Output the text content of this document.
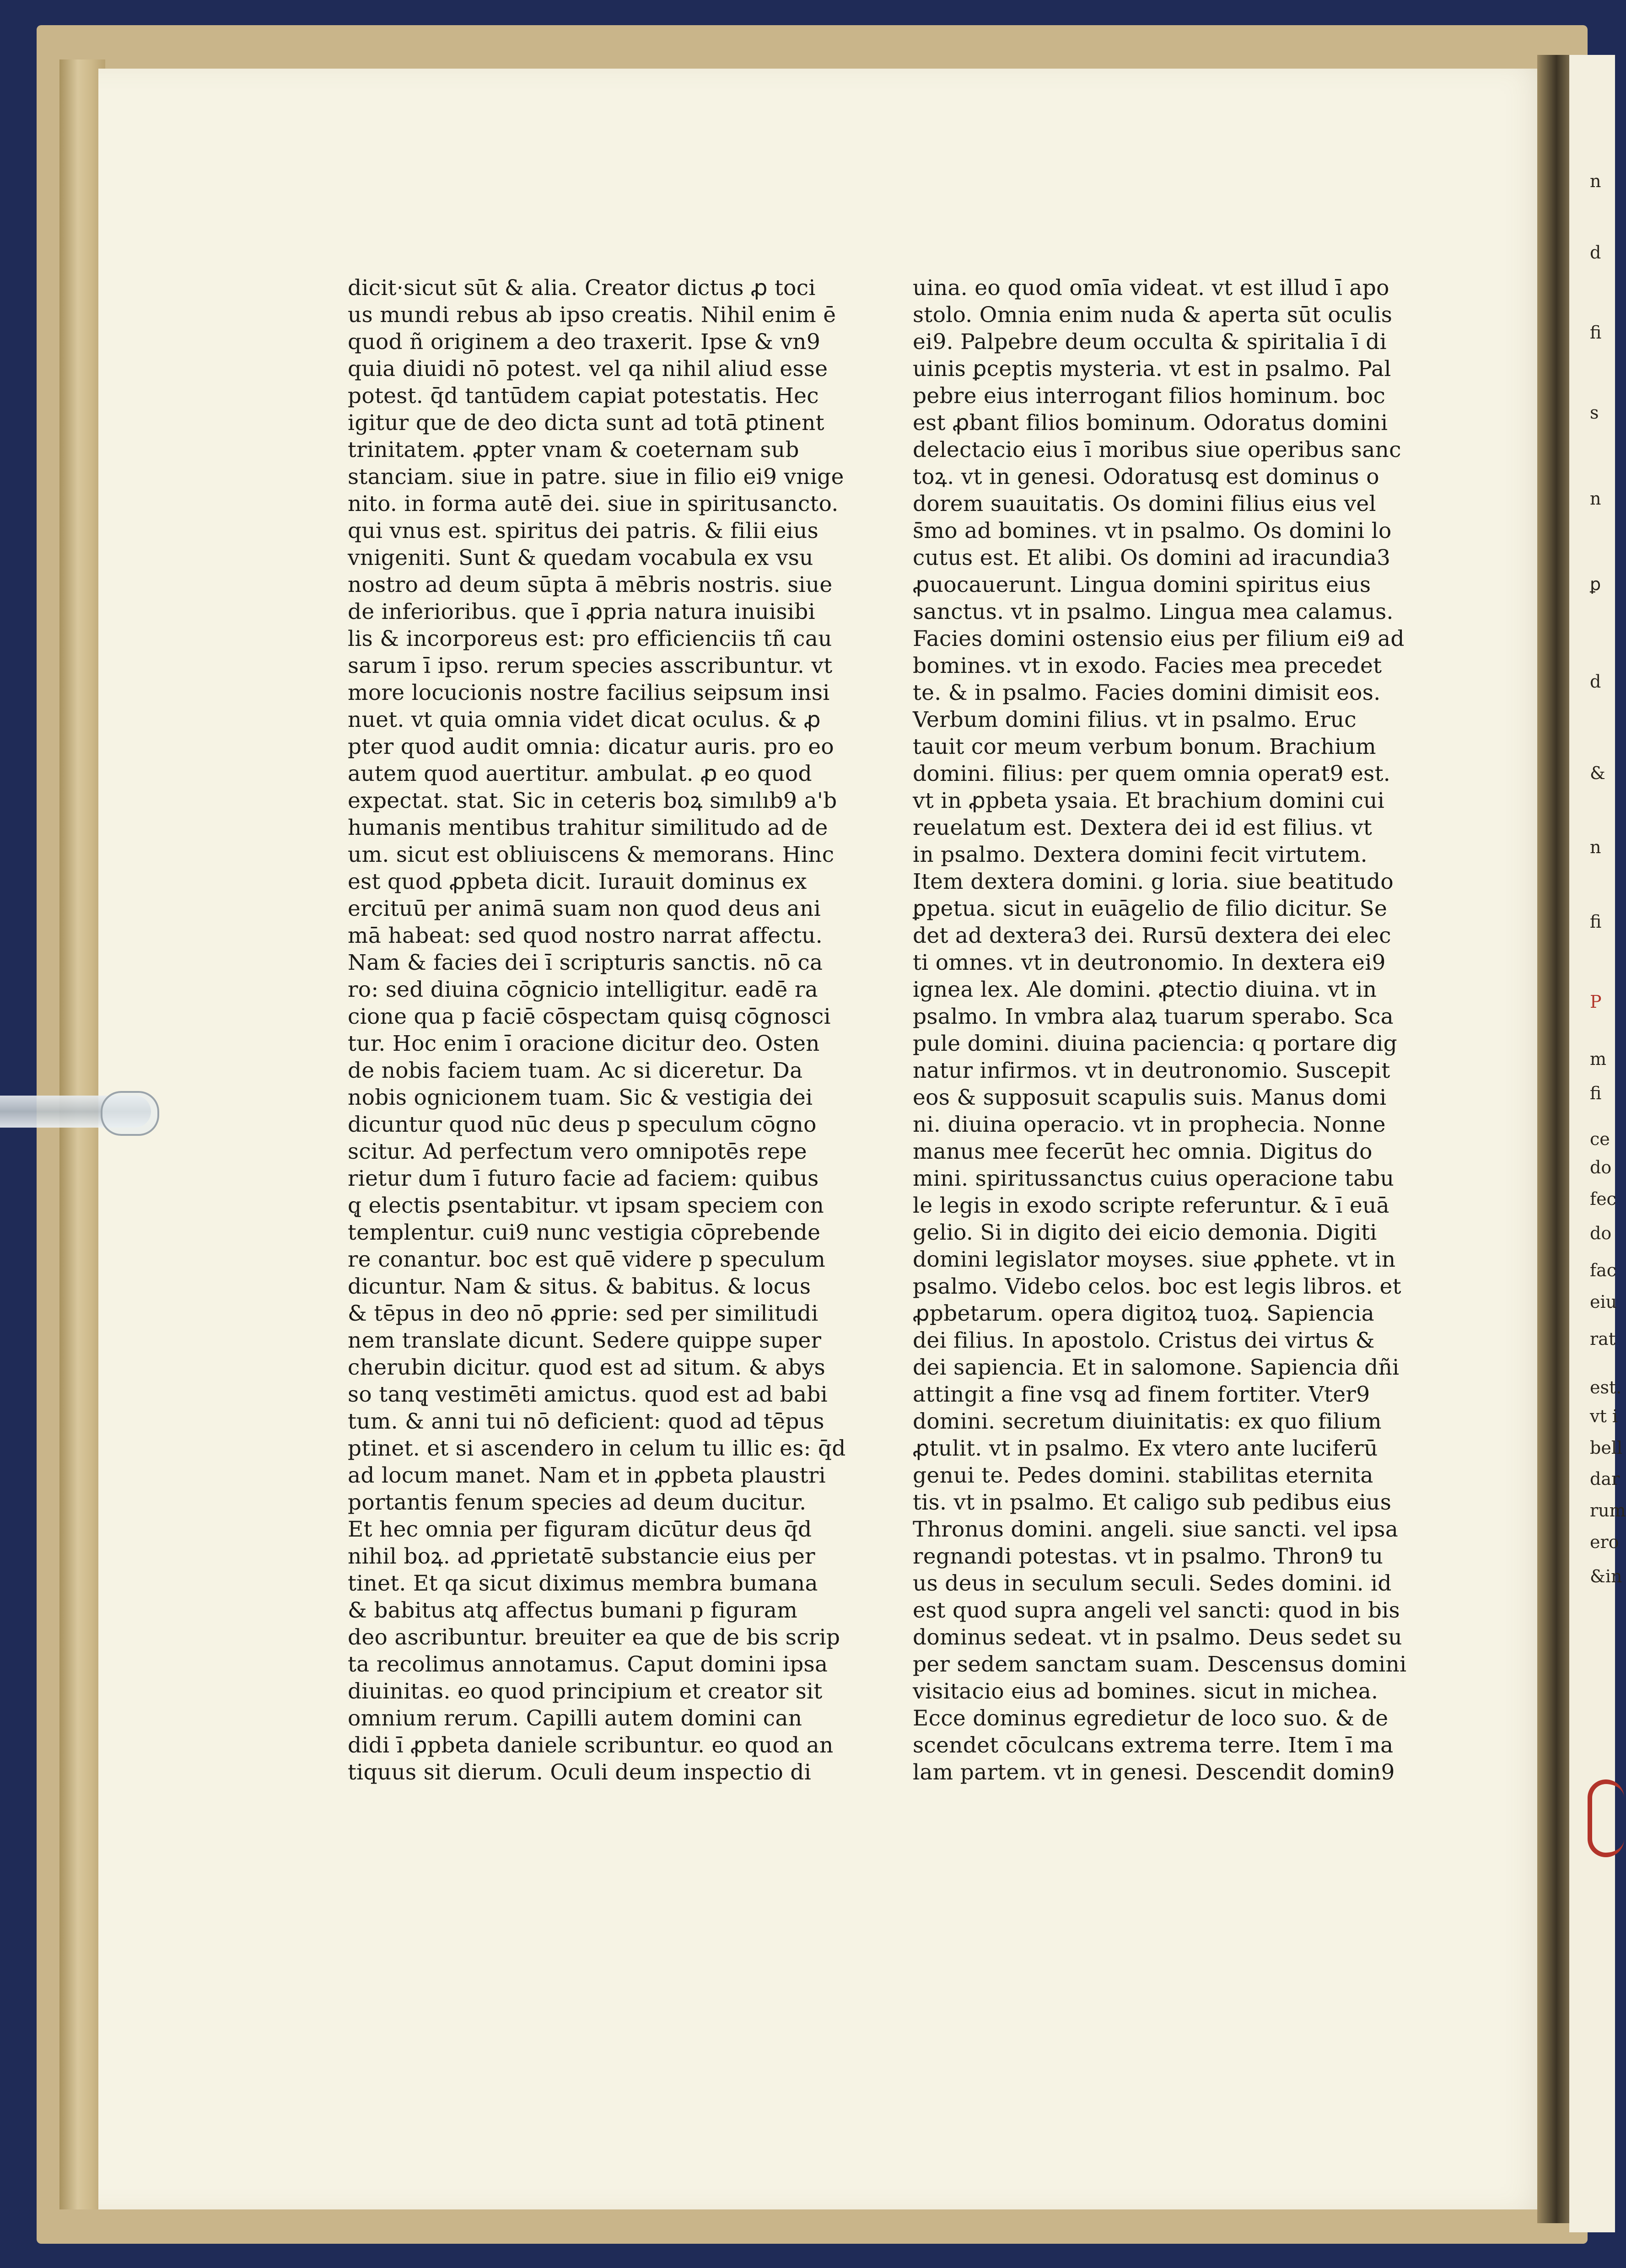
dicit·sicut sūt & alia. Creator dictus ꝓ toci
us mundi rebus ab ipso creatis. Nihil enim ē
quod ñ originem a deo traxerit. Ipse & vn9
quia diuidi nō potest. vel qa nihil aliud esse
potest. q̄d tantūdem capiat potestatis. Hec
igitur que de deo dicta sunt ad totā ꝑtinent
trinitatem. ꝓpter vnam & coeternam sub
stanciam. siue in patre. siue in filio ei9 vnige
nito. in forma autē dei. siue in spiritusancto.
qui vnus est. spiritus dei patris. & filii eius
vnigeniti. Sunt & quedam vocabula ex vsu
nostro ad deum sūpta ā mēbris nostris. siue
de inferioribus. que ī ꝓpria natura inuisibi
lis & incorporeus est: pro efficienciis tñ cau
sarum ī ipso. rerum species asscribuntur. vt
more locucionis nostre facilius seipsum insi
nuet. vt quia omnia videt dicat oculus. & ꝓ
pter quod audit omnia: dicatur auris. pro eo
autem quod auertitur. ambulat. ꝓ eo quod
expectat. stat. Sic in ceteris boꝝ simılıb9 a'b
humanis mentibus trahitur similitudo ad de
um. sicut est obliuiscens & memorans. Hinc
est quod ꝓpbeta dicit. Iurauit dominus ex
ercituū per animā suam non quod deus ani
mā habeat: sed quod nostro narrat affectu.
Nam & facies dei ī scripturis sanctis. nō ca
ro: sed diuina cōgnicio intelligitur. eadē ra
cione qua p faciē cōspectam quisq̨ cōgnosci
tur. Hoc enim ī oracione dicitur deo. Osten
de nobis faciem tuam. Ac si diceretur. Da
nobis ognicionem tuam. Sic & vestigia dei
dicuntur quod nūc deus p speculum cōgno
scitur. Ad perfectum vero omnipotēs repe
rietur dum ī futuro facie ad faciem: quibus
q̨ electis ꝑsentabitur. vt ipsam speciem con
templentur. cui9 nunc vestigia cōprebende
re conantur. boc est quē videre p speculum
dicuntur. Nam & situs. & babitus. & locus
& tēpus in deo nō ꝓprie: sed per similitudi
nem translate dicunt. Sedere quippe super
cherubin dicitur. quod est ad situm. & abys
so tanq̨ vestimēti amictus. quod est ad babi
tum. & anni tui nō deficient: quod ad tēpus
ptinet. et si ascendero in celum tu illic es: q̄d
ad locum manet. Nam et in ꝓpbeta plaustri
portantis fenum species ad deum ducitur.
Et hec omnia per figuram dicūtur deus q̄d
nihil boꝝ. ad ꝓprietatē substancie eius per
tinet. Et qa sicut diximus membra bumana
& babitus atq̨ affectus bumani p figuram
deo ascribuntur. breuiter ea que de bis scrip
ta recolimus annotamus. Caput domini ipsa
diuinitas. eo quod principium et creator sit
omnium rerum. Capilli autem domini can
didi ī ꝓpbeta daniele scribuntur. eo quod an
tiquus sit dierum. Oculi deum inspectio di
uina. eo quod omīa videat. vt est illud ī apo
stolo. Omnia enim nuda & aperta sūt oculis
ei9. Palpebre deum occulta & spiritalia ī di
uinis ꝑceptis mysteria. vt est in psalmo. Pal
pebre eius interrogant filios hominum. boc
est ꝓbant filios bominum. Odoratus domini
delectacio eius ī moribus siue operibus sanc
toꝝ. vt in genesi. Odoratusq̨ est dominus o
dorem suauitatis. Os domini filius eius vel
s̄mo ad bomines. vt in psalmo. Os domini lo
cutus est. Et alibi. Os domini ad iracundia3
ꝓuocauerunt. Lingua domini spiritus eius
sanctus. vt in psalmo. Lingua mea calamus.
Facies domini ostensio eius per filium ei9 ad
bomines. vt in exodo. Facies mea precedet
te. & in psalmo. Facies domini dimisit eos.
Verbum domini filius. vt in psalmo. Eruc
tauit cor meum verbum bonum. Brachium
domini. filius: per quem omnia operat9 est.
vt in ꝓpbeta ysaia. Et brachium domini cui
reuelatum est. Dextera dei id est filius. vt
in psalmo. Dextera domini fecit virtutem.
Item dextera domini. g loria. siue beatitudo
ꝑpetua. sicut in euāgelio de filio dicitur. Se
det ad dextera3 dei. Rursū dextera dei elec
ti omnes. vt in deutronomio. In dextera ei9
ignea lex. Ale domini. ꝓtectio diuina. vt in
psalmo. In vmbra alaꝝ tuarum sperabo. Sca
pule domini. diuina paciencia: q portare dig
natur infirmos. vt in deutronomio. Suscepit
eos & supposuit scapulis suis. Manus domi
ni. diuina operacio. vt in prophecia. Nonne
manus mee fecerūt hec omnia. Digitus do
mini. spiritussanctus cuius operacione tabu
le legis in exodo scripte referuntur. & ī euā
gelio. Si in digito dei eicio demonia. Digiti
domini legislator moyses. siue ꝓphete. vt in
psalmo. Videbo celos. boc est legis libros. et
ꝓpbetarum. opera digitoꝝ tuoꝝ. Sapiencia
dei filius. In apostolo. Cristus dei virtus &
dei sapiencia. Et in salomone. Sapiencia dñi
attingit a fine vsq̨ ad finem fortiter. Vter9
domini. secretum diuinitatis: ex quo filium
ꝓtulit. vt in psalmo. Ex vtero ante luciferū
genui te. Pedes domini. stabilitas eternita
tis. vt in psalmo. Et caligo sub pedibus eius
Thronus domini. angeli. siue sancti. vel ipsa
regnandi potestas. vt in psalmo. Thron9 tu
us deus in seculum seculi. Sedes domini. id
est quod supra angeli vel sancti: quod in bis
dominus sedeat. vt in psalmo. Deus sedet su
per sedem sanctam suam. Descensus domini
visitacio eius ad bomines. sicut in michea.
Ecce dominus egredietur de loco suo. & de
scendet cōculcans extrema terre. Item ī ma
lam partem. vt in genesi. Descendit domin9
n
d
fi
s
n
ꝑ
d
&
n
fi
P
m
fi
ce
do
fec
do
fac
eiu
rat
est.
vt i
bell
dar
rum
ero
&in
